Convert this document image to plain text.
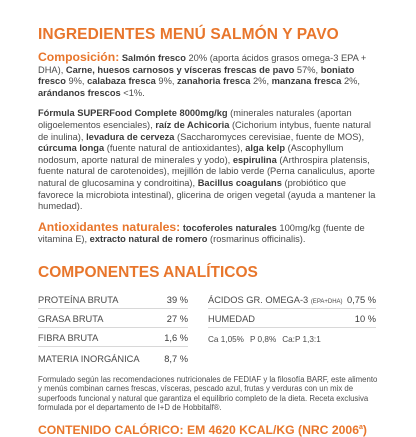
INGREDIENTES MENÚ SALMÓN Y PAVO

Composición: Salmón fresco 20% (aporta ácidos grasos omega-3 EPA + DHA), Carne, huesos carnosos y vísceras frescas de pavo 57%, boniato fresco 9%, calabaza fresca 9%, zanahoria fresca 2%, manzana fresca 2%, arándanos frescos <1%.

Fórmula SUPERFood Complete 8000mg/kg (minerales naturales (aportan oligoelementos esenciales), raíz de Achicoria (Cichorium intybus, fuente natural de inulina), levadura de cerveza (Saccharomyces cerevisiae, fuente de MOS), cúrcuma longa (fuente natural de antioxidantes), alga kelp (Ascophyllum nodosum, aporte natural de minerales y yodo), espirulina (Arthrospira platensis, fuente natural de carotenoides), mejillón de labio verde (Perna canaliculus, aporte natural de glucosamina y condroitina), Bacillus coagulans (probiótico que favorece la microbiota intestinal), glicerina de origen vegetal (ayuda a mantener la humedad).

Antioxidantes naturales: tocoferoles naturales 100mg/kg (fuente de vitamina E), extracto natural de romero (rosmarinus officinalis).

COMPONENTES ANALÍTICOS
PROTEÍNA BRUTA	39 %
GRASA BRUTA	27 %
FIBRA BRUTA	1,6 %
MATERIA INORGÁNICA	8,7 %
ÁCIDOS GR. OMEGA-3 (EPA+DHA) 0,75 %
HUMEDAD	10 %
Ca 1,05% P 0,8% Ca:P 1,3:1

Formulado según las recomendaciones nutricionales de FEDIAF y la filosofía BARF, este alimento y menús combinan carnes frescas, vísceras, pescado azul, frutas y verduras con un mix de superfoods funcional y natural que garantiza el equilibrio completo de la dieta. Receta exclusiva formulada por el departamento de I+D de Hobbitalf®.

CONTENIDO CALÓRICO: EM 4620 KCAL/KG (NRC 2006$^a$)
